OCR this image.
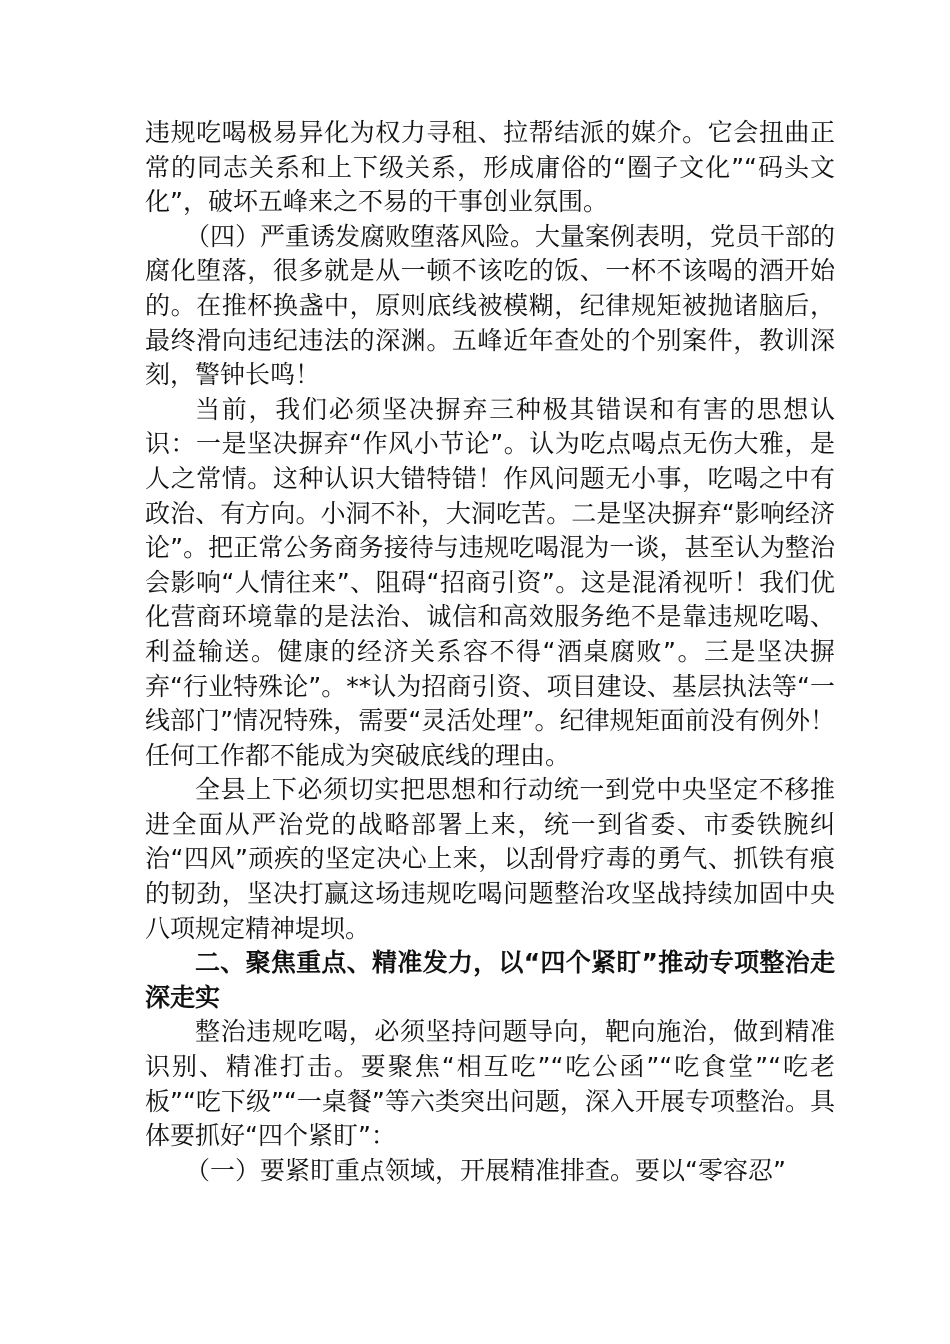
违规吃喝极易异化为权力寻租、拉帮结派的媒介。它会扭曲正常的同志关系和上下级关系，形成庸俗的“圈子文化”“码头文化”，破坏五峰来之不易的干事创业氛围。

（四）严重诱发腐败堕落风险。大量案例表明，党员干部的腐化堕落，很多就是从一顿不该吃的饭、一杯不该喝的酒开始的。在推杯换盏中，原则底线被模糊，纪律规矩被抛诸脑后，最终滑向违纪违法的深渊。五峰近年查处的个别案件，教训深刻，警钟长鸣！

当前，我们必须坚决摒弃三种极其错误和有害的思想认识：一是坚决摒弃“作风小节论”。认为吃点喝点无伤大雅，是人之常情。这种认识大错特错！作风问题无小事，吃喝之中有政治、有方向。小洞不补，大洞吃苦。二是坚决摒弃“影响经济论”。把正常公务商务接待与违规吃喝混为一谈，甚至认为整治会影响“人情往来”、阻碍“招商引资”。这是混淆视听！我们优化营商环境靠的是法治、诚信和高效服务绝不是靠违规吃喝、利益输送。健康的经济关系容不得“酒桌腐败”。三是坚决摒弃“行业特殊论”。**认为招商引资、项目建设、基层执法等“一线部门”情况特殊，需要“灵活处理”。纪律规矩面前没有例外！任何工作都不能成为突破底线的理由。

全县上下必须切实把思想和行动统一到党中央坚定不移推进全面从严治党的战略部署上来，统一到省委、市委铁腕纠治“四风”顽疾的坚定决心上来，以刮骨疗毒的勇气、抓铁有痕的韧劲，坚决打赢这场违规吃喝问题整治攻坚战持续加固中央八项规定精神堤坝。

二、聚焦重点、精准发力，以“四个紧盯”推动专项整治走深走实

整治违规吃喝，必须坚持问题导向，靶向施治，做到精准识别、精准打击。要聚焦“相互吃”“吃公函”“吃食堂”“吃老板”“吃下级”“一桌餐”等六类突出问题，深入开展专项整治。具体要抓好“四个紧盯”：

（一）要紧盯重点领域，开展精准排查。要以“零容忍”
